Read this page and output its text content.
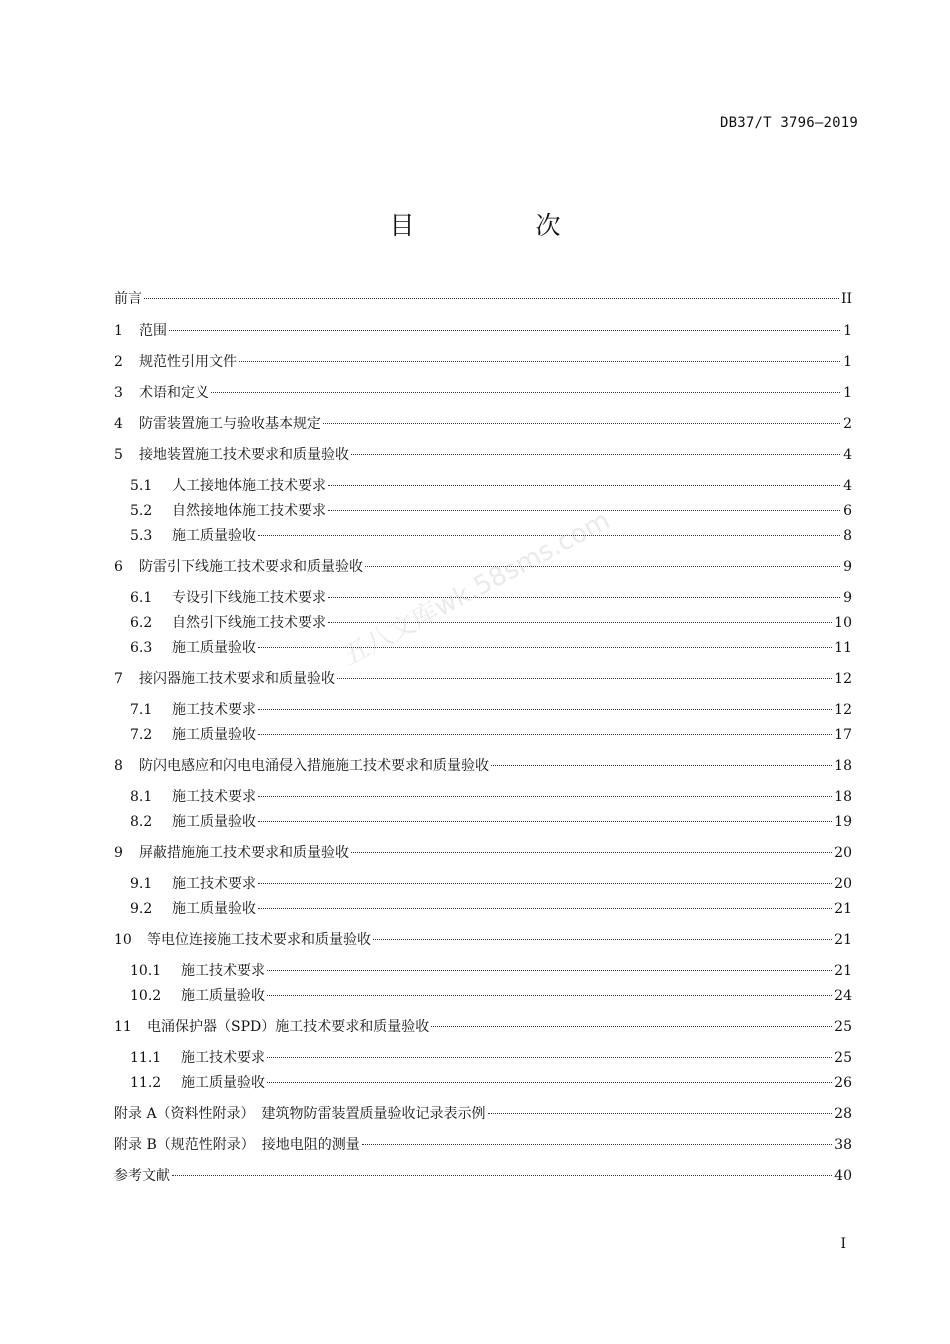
DB37/T 3796—2019
目　次
前言	II
1	范围	1
2	规范性引用文件	1
3	术语和定义	1
4	防雷装置施工与验收基本规定	2
5	接地装置施工技术要求和质量验收	4
5.1	人工接地体施工技术要求	4
5.2	自然接地体施工技术要求	6
5.3	施工质量验收	8
6	防雷引下线施工技术要求和质量验收	9
6.1	专设引下线施工技术要求	9
6.2	自然引下线施工技术要求	10
6.3	施工质量验收	11
7	接闪器施工技术要求和质量验收	12
7.1	施工技术要求	12
7.2	施工质量验收	17
8	防闪电感应和闪电电涌侵入措施施工技术要求和质量验收	18
8.1	施工技术要求	18
8.2	施工质量验收	19
9	屏蔽措施施工技术要求和质量验收	20
9.1	施工技术要求	20
9.2	施工质量验收	21
10	等电位连接施工技术要求和质量验收	21
10.1	施工技术要求	21
10.2	施工质量验收	24
11	电涌保护器（SPD）施工技术要求和质量验收	25
11.1	施工技术要求	25
11.2	施工质量验收	26
附录 A（资料性附录）　建筑物防雷装置质量验收记录表示例	28
附录 B（规范性附录）　接地电阻的测量	38
参考文献	40
五八文库wk.58sms.com
I
